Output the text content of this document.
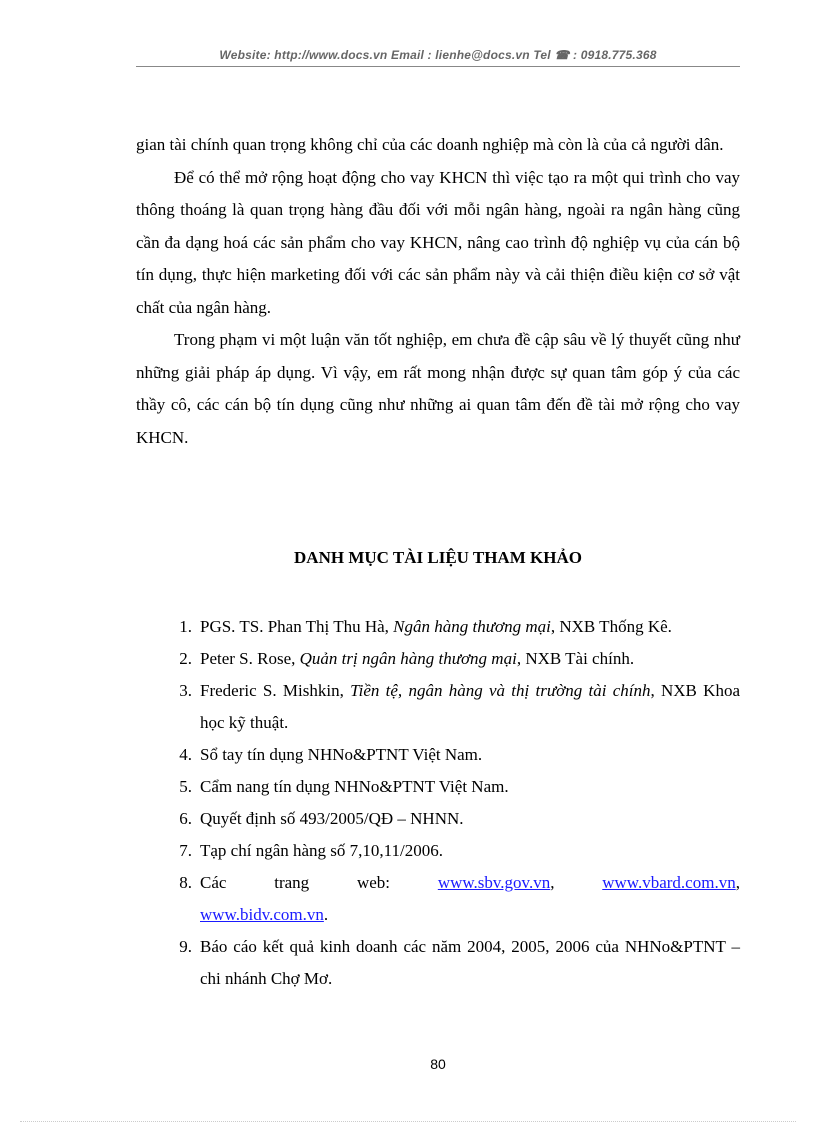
Website: http://www.docs.vn Email : lienhe@docs.vn Tel ☎ : 0918.775.368

gian tài chính quan trọng không chỉ của các doanh nghiệp mà còn là của cả người dân.

Để có thể mở rộng hoạt động cho vay KHCN thì việc tạo ra một qui trình cho vay thông thoáng là quan trọng hàng đầu đối với mỗi ngân hàng, ngoài ra ngân hàng cũng cần đa dạng hoá các sản phẩm cho vay KHCN, nâng cao trình độ nghiệp vụ của cán bộ tín dụng, thực hiện marketing đối với các sản phẩm này và cải thiện điều kiện cơ sở vật chất của ngân hàng.

Trong phạm vi một luận văn tốt nghiệp, em chưa đề cập sâu về lý thuyết cũng như những giải pháp áp dụng. Vì vậy, em rất mong nhận được sự quan tâm góp ý của các thầy cô, các cán bộ tín dụng cũng như những ai quan tâm đến đề tài mở rộng cho vay KHCN.

DANH MỤC TÀI LIỆU THAM KHẢO
1. PGS. TS. Phan Thị Thu Hà, Ngân hàng thương mại, NXB Thống Kê.
2. Peter S. Rose, Quản trị ngân hàng thương mại, NXB Tài chính.
3. Frederic S. Mishkin, Tiền tệ, ngân hàng và thị trường tài chính, NXB Khoa học kỹ thuật.
4. Sổ tay tín dụng NHNo&PTNT Việt Nam.
5. Cẩm nang tín dụng NHNo&PTNT Việt Nam.
6. Quyết định số 493/2005/QĐ – NHNN.
7. Tạp chí ngân hàng số 7,10,11/2006.
8. Các	trang	web:	www.sbv.gov.vn,	www.vbard.com.vn,
www.bidv.com.vn.
9. Báo cáo kết quả kinh doanh các năm 2004, 2005, 2006 của NHNo&PTNT – chi nhánh Chợ Mơ.
80
